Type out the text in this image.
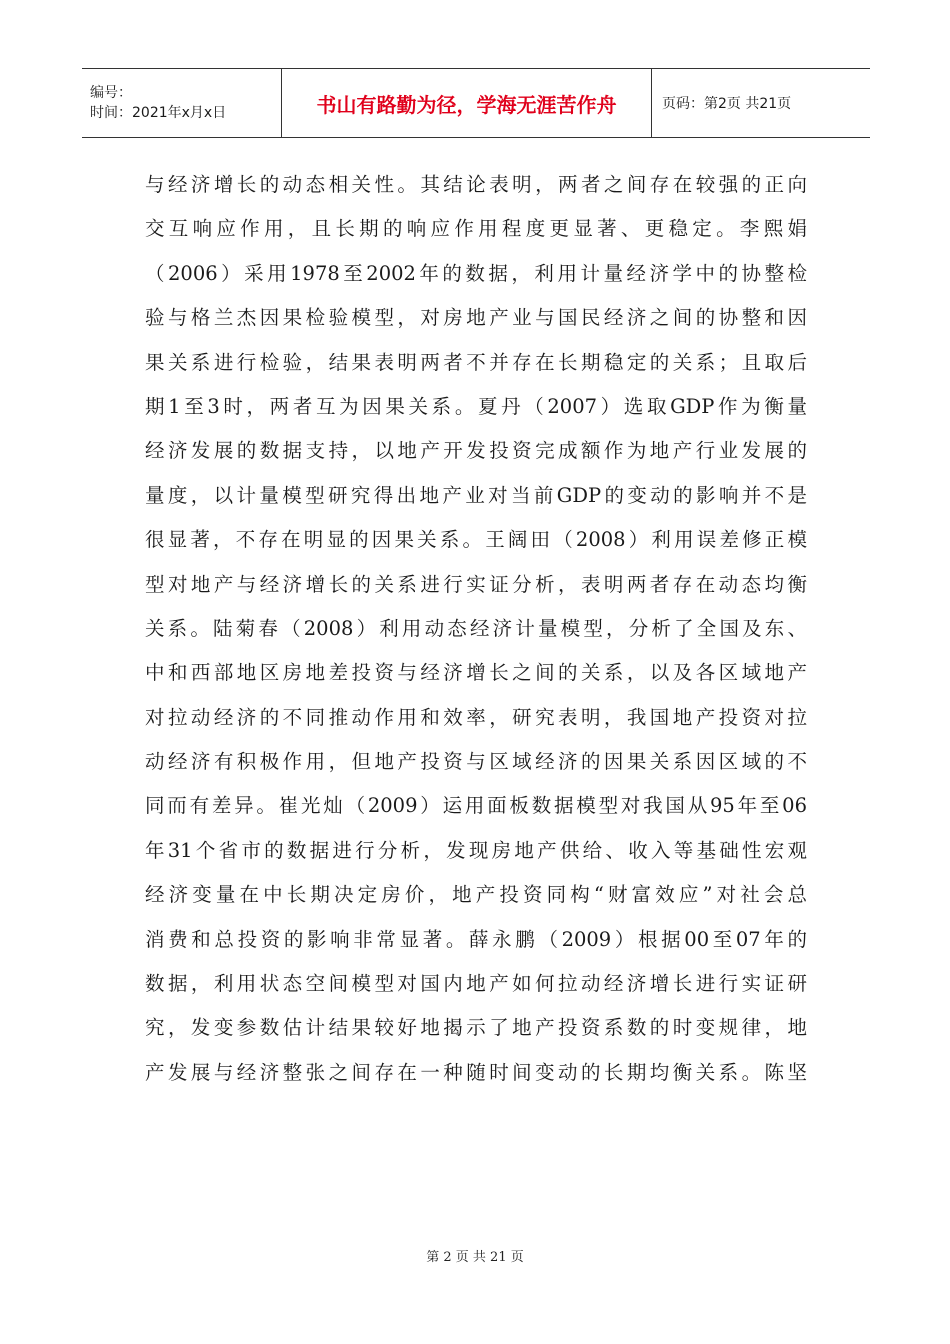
编号：
时间：2021年x月x日	书山有路勤为径，学海无涯苦作舟	页码：第2页 共21页
与经济增长的动态相关性。其结论表明，两者之间存在较强的正向
交互响应作用，且长期的响应作用程度更显著、更稳定。李熙娟
（2006）采用1978至2002年的数据，利用计量经济学中的协整检
验与格兰杰因果检验模型，对房地产业与国民经济之间的协整和因
果关系进行检验，结果表明两者不并存在长期稳定的关系；且取后
期1至3时，两者互为因果关系。夏丹（2007）选取GDP作为衡量
经济发展的数据支持，以地产开发投资完成额作为地产行业发展的
量度，以计量模型研究得出地产业对当前GDP的变动的影响并不是
很显著，不存在明显的因果关系。王阔田（2008）利用误差修正模
型对地产与经济增长的关系进行实证分析，表明两者存在动态均衡
关系。陆菊春（2008）利用动态经济计量模型，分析了全国及东、
中和西部地区房地差投资与经济增长之间的关系，以及各区域地产
对拉动经济的不同推动作用和效率，研究表明，我国地产投资对拉
动经济有积极作用，但地产投资与区域经济的因果关系因区域的不
同而有差异。崔光灿（2009）运用面板数据模型对我国从95年至06
年31个省市的数据进行分析，发现房地产供给、收入等基础性宏观
经济变量在中长期决定房价，地产投资同构“财富效应”对社会总
消费和总投资的影响非常显著。薛永鹏（2009）根据00至07年的
数据，利用状态空间模型对国内地产如何拉动经济增长进行实证研
究，发变参数估计结果较好地揭示了地产投资系数的时变规律，地
产发展与经济整张之间存在一种随时间变动的长期均衡关系。陈坚
第 2 页 共 21 页
